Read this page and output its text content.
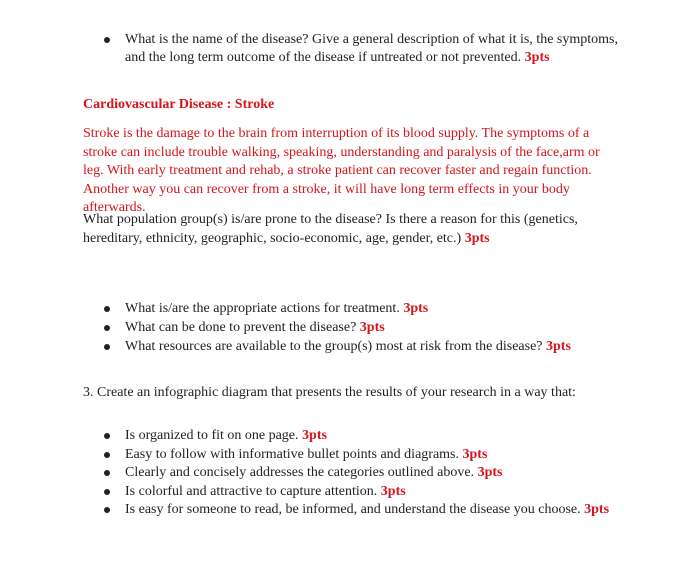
What is the name of the disease? Give a general description of what it is, the symptoms, and the long term outcome of the disease if untreated or not prevented. 3pts
Cardiovascular Disease : Stroke

Stroke is the damage to the brain from interruption of its blood supply. The symptoms of a stroke can include trouble walking, speaking, understanding and paralysis of the face,arm or leg. With early treatment and rehab, a stroke patient can recover faster and regain function. Another way you can recover from a stroke, it will have long term effects in your body afterwards.

What population group(s) is/are prone to the disease? Is there a reason for this (genetics, hereditary, ethnicity, geographic, socio-economic, age, gender, etc.) 3pts

What is/are the appropriate actions for treatment. 3pts
What can be done to prevent the disease? 3pts
What resources are available to the group(s) most at risk from the disease? 3pts

3. Create an infographic diagram that presents the results of your research in a way that:

Is organized to fit on one page. 3pts
Easy to follow with informative bullet points and diagrams. 3pts
Clearly and concisely addresses the categories outlined above. 3pts
Is colorful and attractive to capture attention. 3pts
Is easy for someone to read, be informed, and understand the disease you choose. 3pts
